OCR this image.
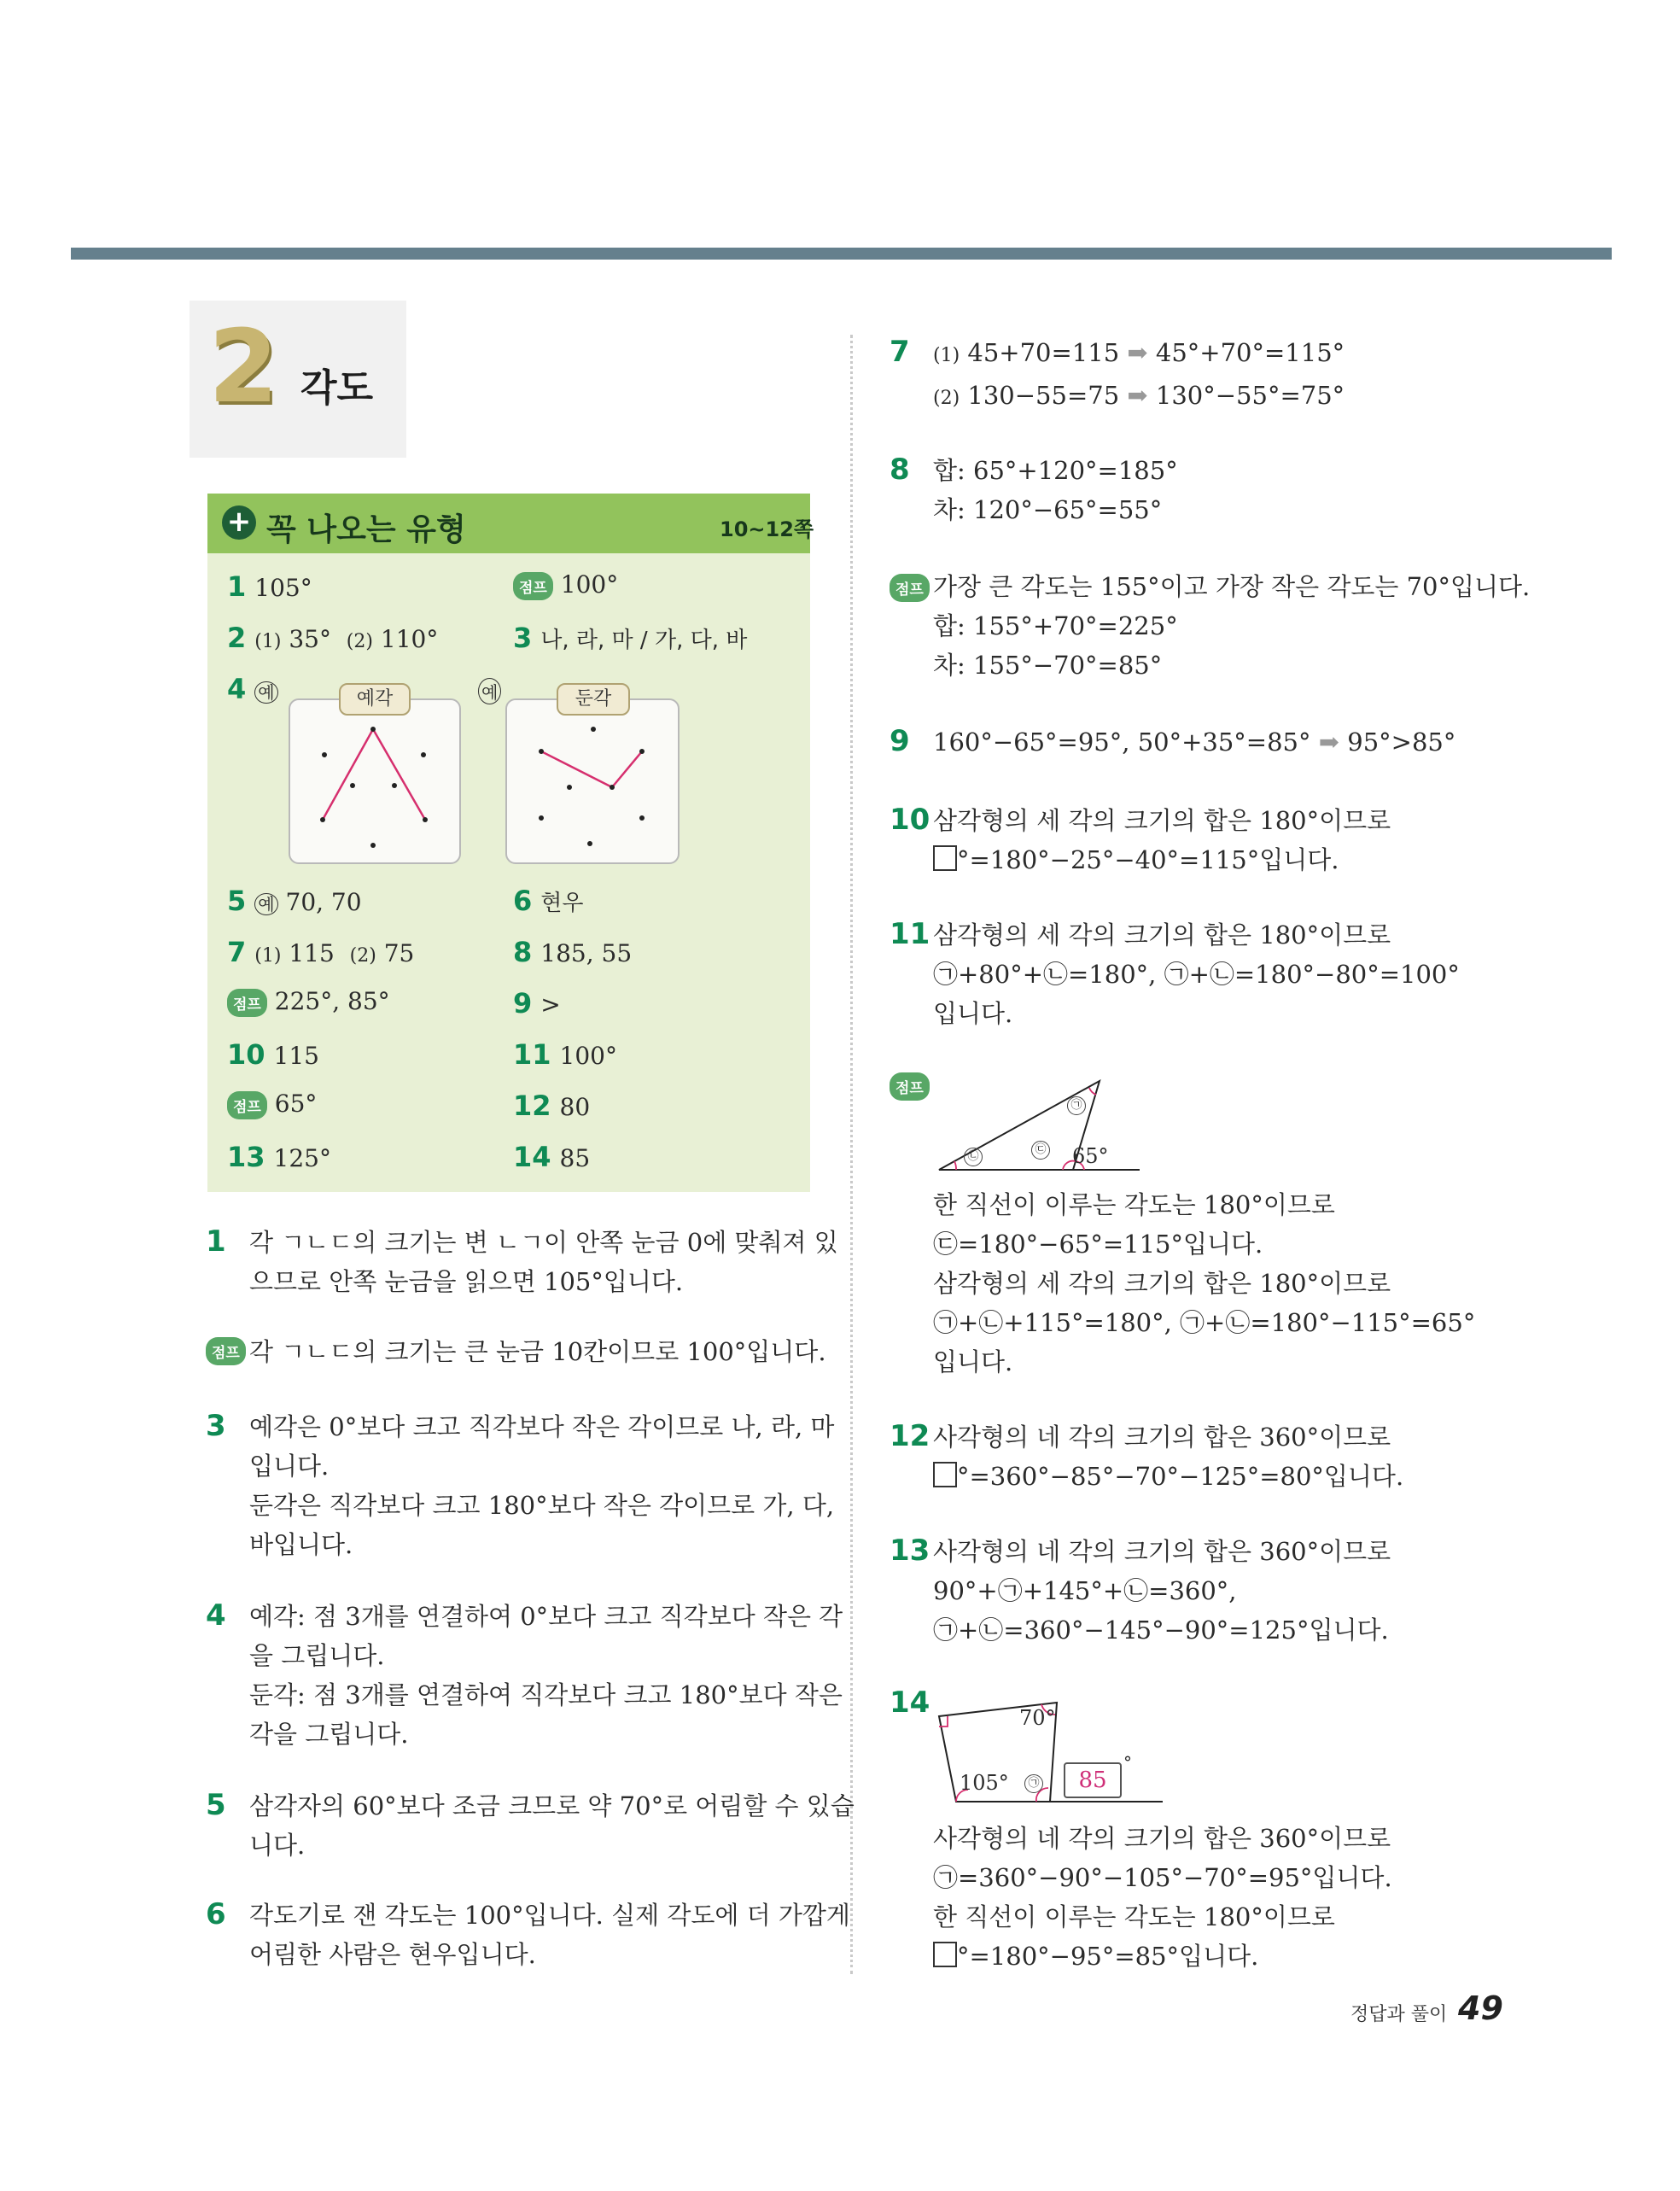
2 각도
+ 꼭 나오는 유형	10~12쪽
1 105°	점프 100°
2 (1) 35° (2) 110°	3 나, 라, 마 / 가, 다, 바
4 예	예
예각	둔각
5 예 70, 70	6 현우
7 (1) 115 (2) 75	8 185, 55
점프 225°, 85°	9 >
10 115	11 100°
점프 65°	12 80
13 125°	14 85
1 각 ㄱㄴㄷ의 크기는 변 ㄴㄱ이 안쪽 눈금 0에 맞춰져 있
으므로 안쪽 눈금을 읽으면 105°입니다.
점프 각 ㄱㄴㄷ의 크기는 큰 눈금 10칸이므로 100°입니다.
3 예각은 0°보다 크고 직각보다 작은 각이므로 나, 라, 마
입니다.
둔각은 직각보다 크고 180°보다 작은 각이므로 가, 다,
바입니다.
4 예각: 점 3개를 연결하여 0°보다 크고 직각보다 작은 각
을 그립니다.
둔각: 점 3개를 연결하여 직각보다 크고 180°보다 작은
각을 그립니다.
5 삼각자의 60°보다 조금 크므로 약 70°로 어림할 수 있습
니다.
6 각도기로 잰 각도는 100°입니다. 실제 각도에 더 가깝게
어림한 사람은 현우입니다.
7 (1) 45+70=115 ➡ 45°+70°=115°
(2) 130−55=75 ➡ 130°−55°=75°
8 합: 65°+120°=185°
차: 120°−65°=55°
점프 가장 큰 각도는 155°이고 가장 작은 각도는 70°입니다.
합: 155°+70°=225°
차: 155°−70°=85°
9 160°−65°=95°, 50°+35°=85° ➡ 95°>85°
10 삼각형의 세 각의 크기의 합은 180°이므로
°=180°−25°−40°=115°입니다.
11 삼각형의 세 각의 크기의 합은 180°이므로
㉠+80°+㉡=180°, ㉠+㉡=180°−80°=100°
입니다.
점프
㉡
㉢
㉠
65°
한 직선이 이루는 각도는 180°이므로
㉢=180°−65°=115°입니다.
삼각형의 세 각의 크기의 합은 180°이므로
㉠+㉡+115°=180°, ㉠+㉡=180°−115°=65°
입니다.
12 사각형의 네 각의 크기의 합은 360°이므로
°=360°−85°−70°−125°=80°입니다.
13 사각형의 네 각의 크기의 합은 360°이므로
90°+㉠+145°+㉡=360°,
㉠+㉡=360°−145°−90°=125°입니다.
14	70°
105°	㉠	85
°
사각형의 네 각의 크기의 합은 360°이므로
㉠=360°−90°−105°−70°=95°입니다.
한 직선이 이루는 각도는 180°이므로
°=180°−95°=85°입니다.
정답과 풀이 49
